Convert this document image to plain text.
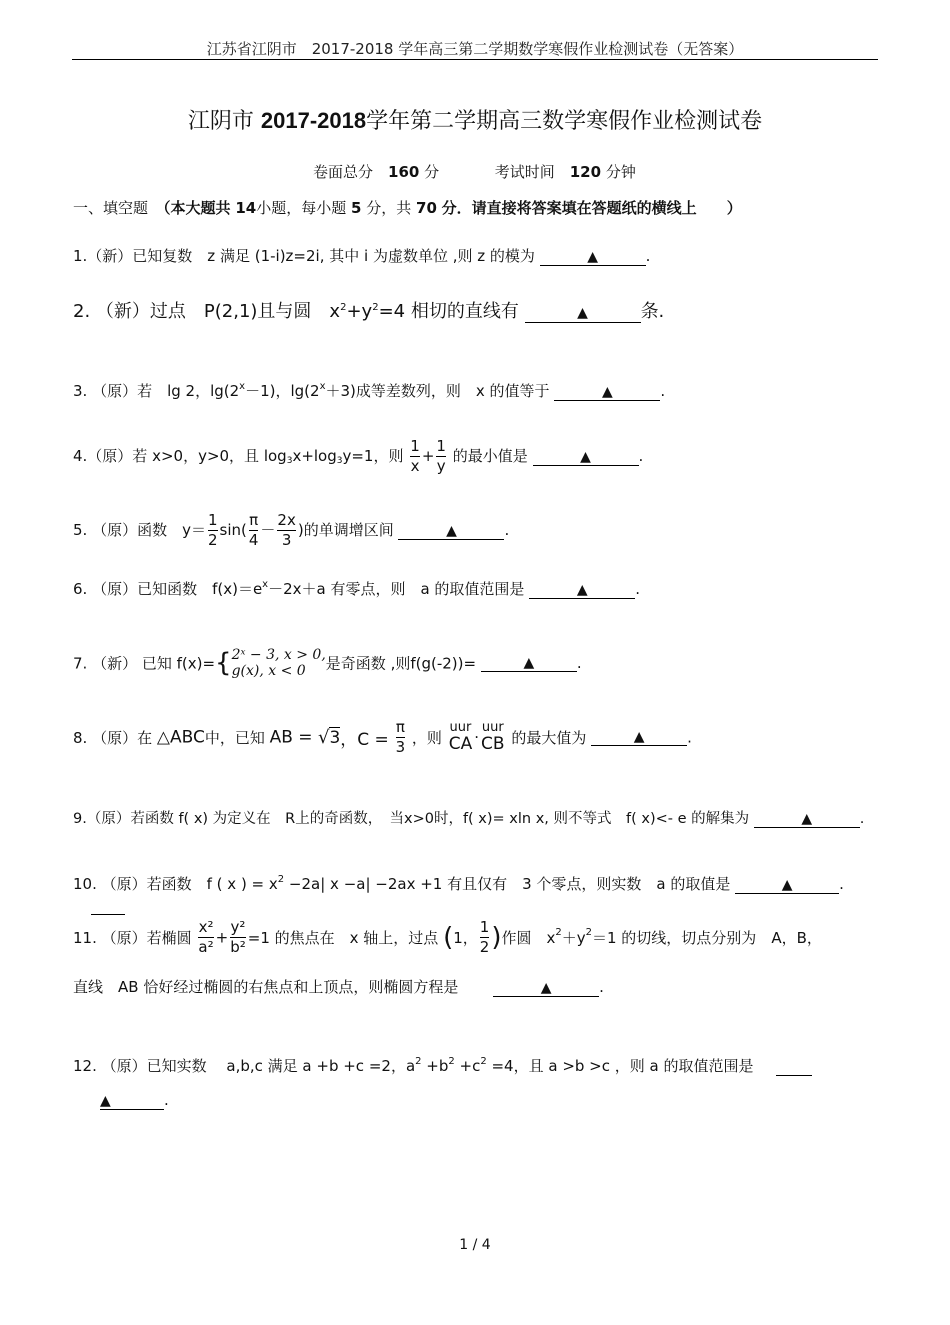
江苏省江阴市　2017-2018 学年高三第二学期数学寒假作业检测试卷（无答案）
江阴市 2017-2018学年第二学期高三数学寒假作业检测试卷
卷面总分　 160 分	考试时间　 120 分钟
一、填空题　 （本大题共 14小题，每小题 5 分，共 70 分．请直接将答案填在答题纸的横线上　　 ）
1.（新）已知复数　z 满足 (1-i)z=2i, 其中 i 为虚数单位 ,则 z 的模为	▲	.
2. （新）过点　P(2,1)且与圆　$x^2+y^2=4$ 相切的直线有	▲	条.
3. （原）若　lg 2，$\lg(2^x-1)$，$\lg(2^x+3)$成等差数列，则　x 的值等于	▲	.
4.（原）若 x>0，y>0，且 $\log_3x+\log_3y=1$，则 $\frac{1}{x} + \frac{1}{y}$ 的最小值是	▲	.
5. （原）函数　$y= \frac{1}{2} \sin( \frac{\pi}{4} - \frac{2x}{3}$ )的单调增区间	▲	.
6. （原）已知函数　$f(x)=e^x-2x+a$ 有零点，则　a 的取值范围是	▲	.
7. （新） 已知 f(x)={ 2ˣ − 3, x > 0,
g(x), x < 0	是奇函数 ,则f(g(-2))=	▲	.
8. （原）在 △ABC中，已知 AB = √3，$C = \frac{\pi}{3}$ ，则
uur
CA ·
uur
CB 的最大值为	▲	.
9.（原）若函数 f( x) 为定义在　R上的奇函数，　当x>0时，f( x)= xln x, 则不等式　f( x)<- e 的解集为	▲	.
10. （原）若函数　f ( x ) = $x^2 -2a|$ x −a| −2ax +1 有且仅有　3 个零点，则实数　a 的取值是	▲	.
11. （原）若椭圆 $\frac{\text{x²}}{\text{a²}} + \frac{\text{y²}}{\text{b²}} =1$ 的焦点在　x 轴上，过点 (1， $\frac{1}{2}$ )作圆　$x^2+y^2=1$ 的切线，切点分别为　A，B，
直线　AB 恰好经过椭圆的右焦点和上顶点，则椭圆方程是	▲	.
12. （原）已知实数　 a,b,c 满足 a +b +c =2，$a^2 +b^2 +c^2 =4$，且 a >b >c ，则 a 的取值范围是
▲	.
1 / 4
